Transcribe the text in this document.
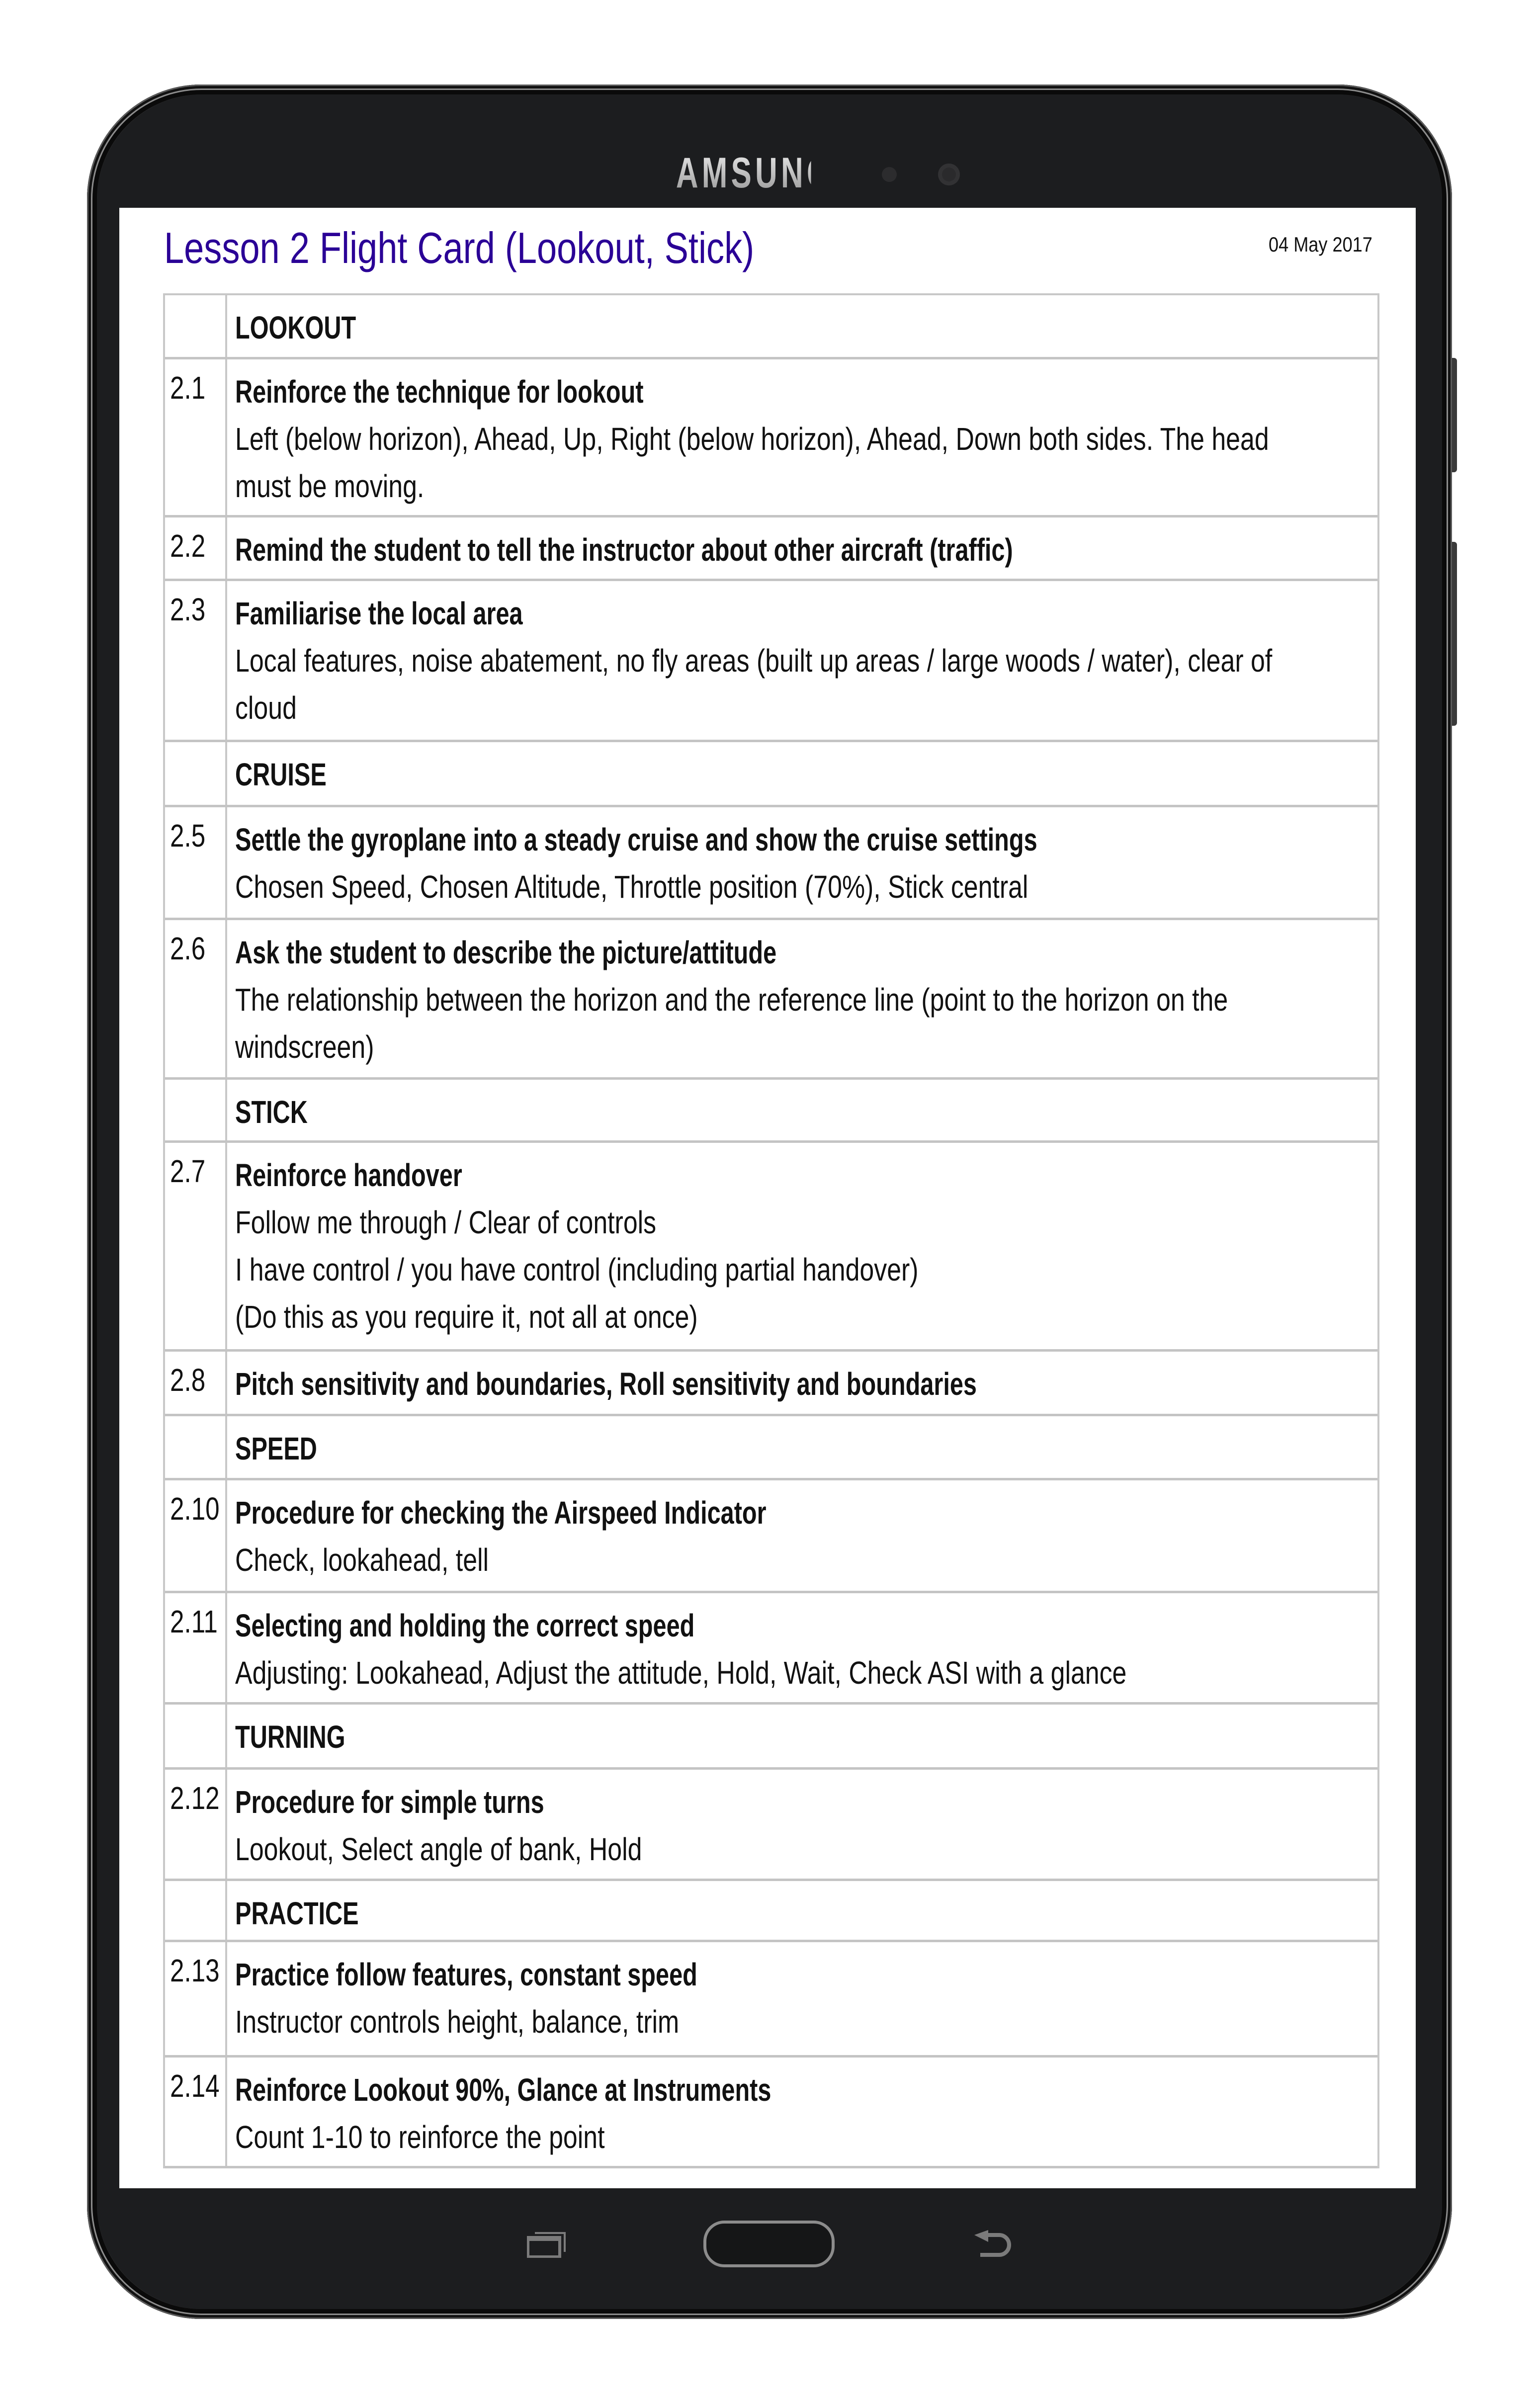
SAMSUNG
Lesson 2 Flight Card (Lookout, Stick)	04 May 2017
LOOKOUT
2.1 Reinforce the technique for lookout
Left (below horizon), Ahead, Up, Right (below horizon), Ahead, Down both sides. The head
must be moving.
2.2 Remind the student to tell the instructor about other aircraft (traffic)
2.3 Familiarise the local area
Local features, noise abatement, no fly areas (built up areas / large woods / water), clear of
cloud
CRUISE
2.5 Settle the gyroplane into a steady cruise and show the cruise settings
Chosen Speed, Chosen Altitude, Throttle position (70%), Stick central
2.6 Ask the student to describe the picture/attitude
The relationship between the horizon and the reference line (point to the horizon on the
windscreen)
STICK
2.7 Reinforce handover
Follow me through / Clear of controls
I have control / you have control (including partial handover)
(Do this as you require it, not all at once)
2.8 Pitch sensitivity and boundaries, Roll sensitivity and boundaries
SPEED
2.10 Procedure for checking the Airspeed Indicator
Check, lookahead, tell
2.11 Selecting and holding the correct speed
Adjusting: Lookahead, Adjust the attitude, Hold, Wait, Check ASI with a glance
TURNING
2.12 Procedure for simple turns
Lookout, Select angle of bank, Hold
PRACTICE
2.13 Practice follow features, constant speed
Instructor controls height, balance, trim
2.14 Reinforce Lookout 90%, Glance at Instruments
Count 1-10 to reinforce the point
